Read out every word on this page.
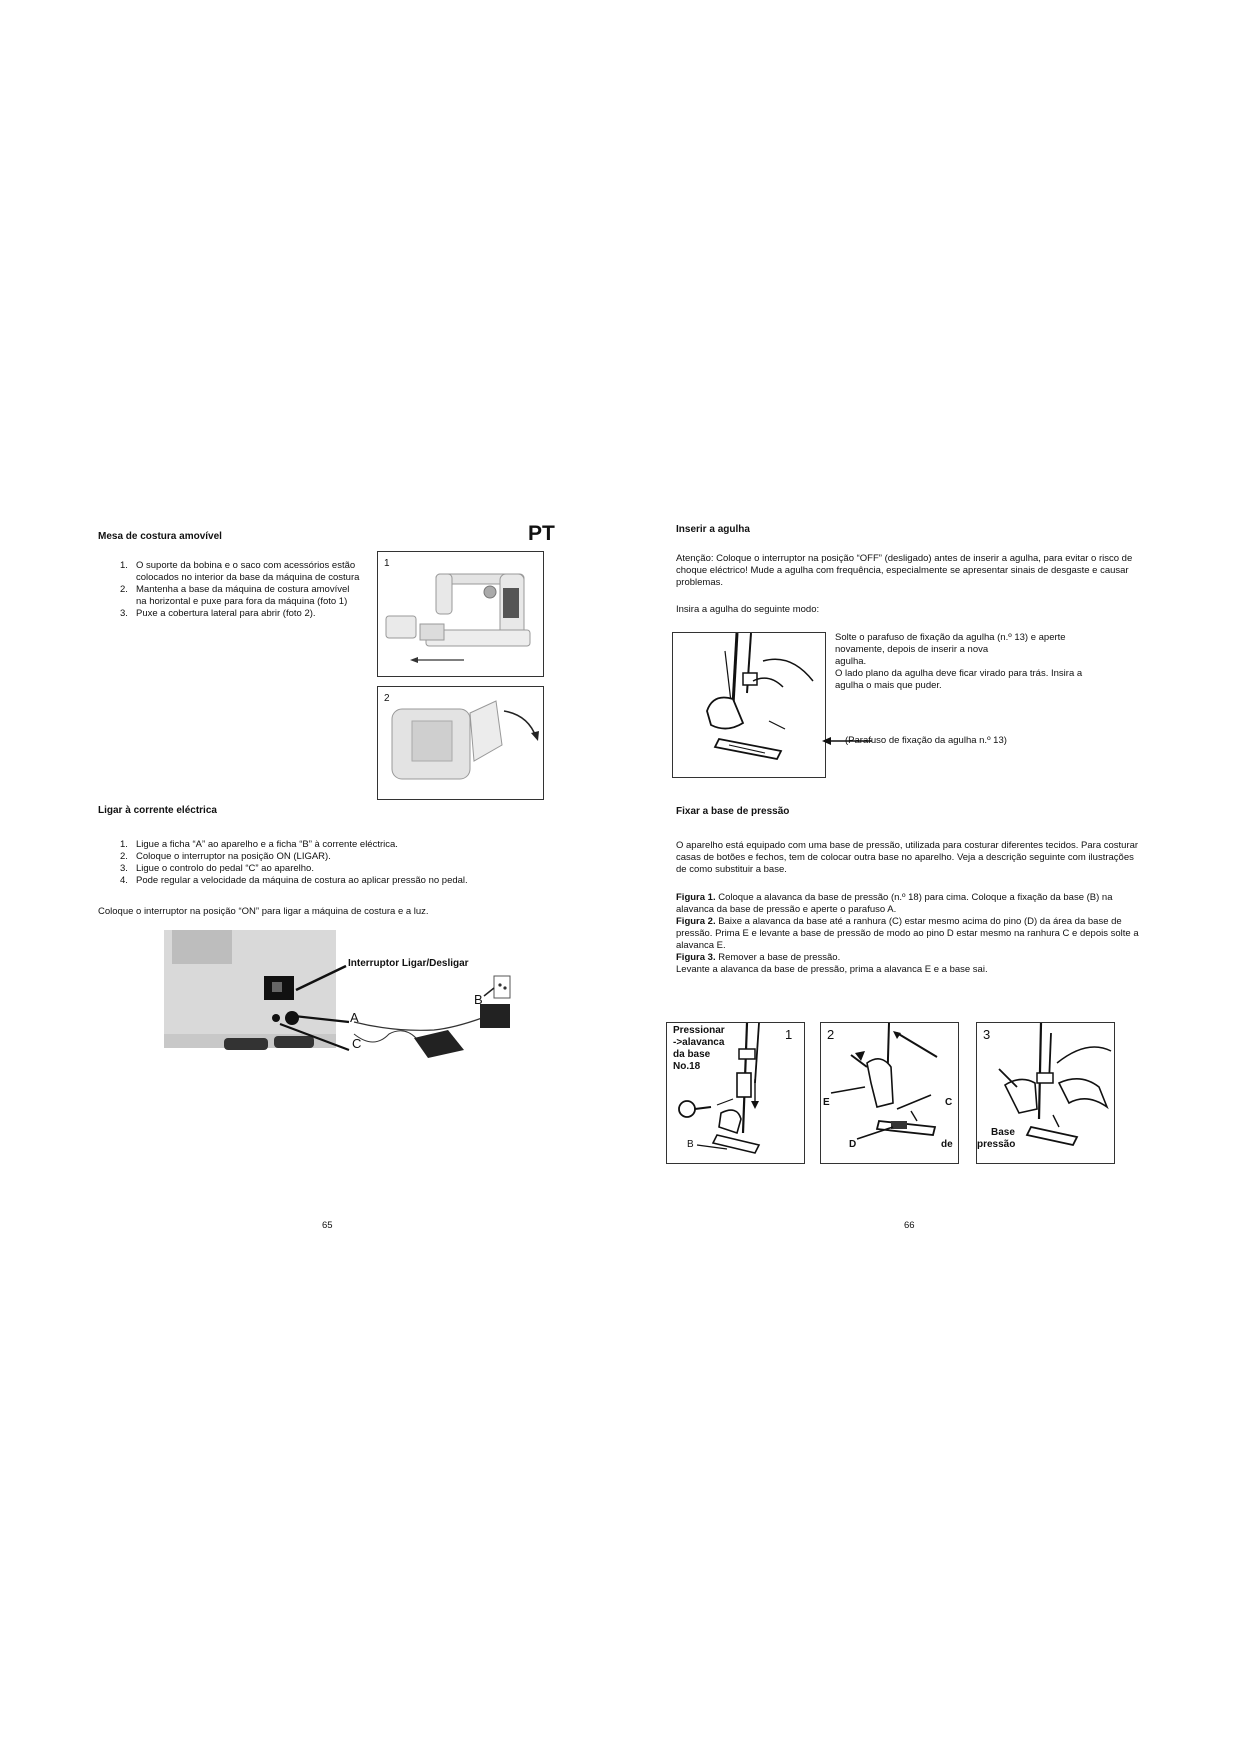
Mesa de costura amovível	PT
1. O suporte da bobina e o saco com acessórios estão colocados no interior da base da máquina de costura
2. Mantenha a base da máquina de costura amovível na horizontal e puxe para fora da máquina (foto 1)
3. Puxe a cobertura lateral para abrir (foto 2).
1
2
Ligar à corrente eléctrica
1. Ligue a ficha “A” ao aparelho e a ficha “B” à corrente eléctrica.
2. Coloque o interruptor na posição ON (LIGAR).
3. Ligue o controlo do pedal “C” ao aparelho.
4. Pode regular a velocidade da máquina de costura ao aplicar pressão no pedal.
Coloque o interruptor na posição “ON” para ligar a máquina de costura e a luz.
Interruptor Ligar/Desligar
A
B
C
65
Inserir a agulha
Atenção: Coloque o interruptor na posição “OFF” (desligado) antes de inserir a agulha, para evitar o risco de choque eléctrico! Mude a agulha com frequência, especialmente se apresentar sinais de desgaste e causar problemas.
Insira a agulha do seguinte modo:
Solte o parafuso de fixação da agulha (n.º 13) e aperte
novamente, depois de inserir a nova
agulha.
O lado plano da agulha deve ficar virado para trás. Insira a
agulha o mais que puder.
(Parafuso de fixação da agulha n.º 13)
Fixar a base de pressão
O aparelho está equipado com uma base de pressão, utilizada para costurar diferentes tecidos. Para costurar casas de botões e fechos, tem de colocar outra base no aparelho. Veja a descrição seguinte com ilustrações de como substituir a base.
Figura 1. Coloque a alavanca da base de pressão (n.º 18) para cima. Coloque a fixação da base (B) na alavanca da base de pressão e aperte o parafuso A.
Figura 2. Baixe a alavanca da base até a ranhura (C) estar mesmo acima do pino (D) da área da base de pressão. Prima E e levante a base de pressão de modo ao pino D estar mesmo na ranhura C e depois solte a alavanca E.
Figura 3. Remover a base de pressão.
Levante a alavanca da base de pressão, prima a alavanca E e a base sai.
1
Pressionar
->alavanca
da base
No.18
B
2
E	C
D	de
3
Base
pressão
66
